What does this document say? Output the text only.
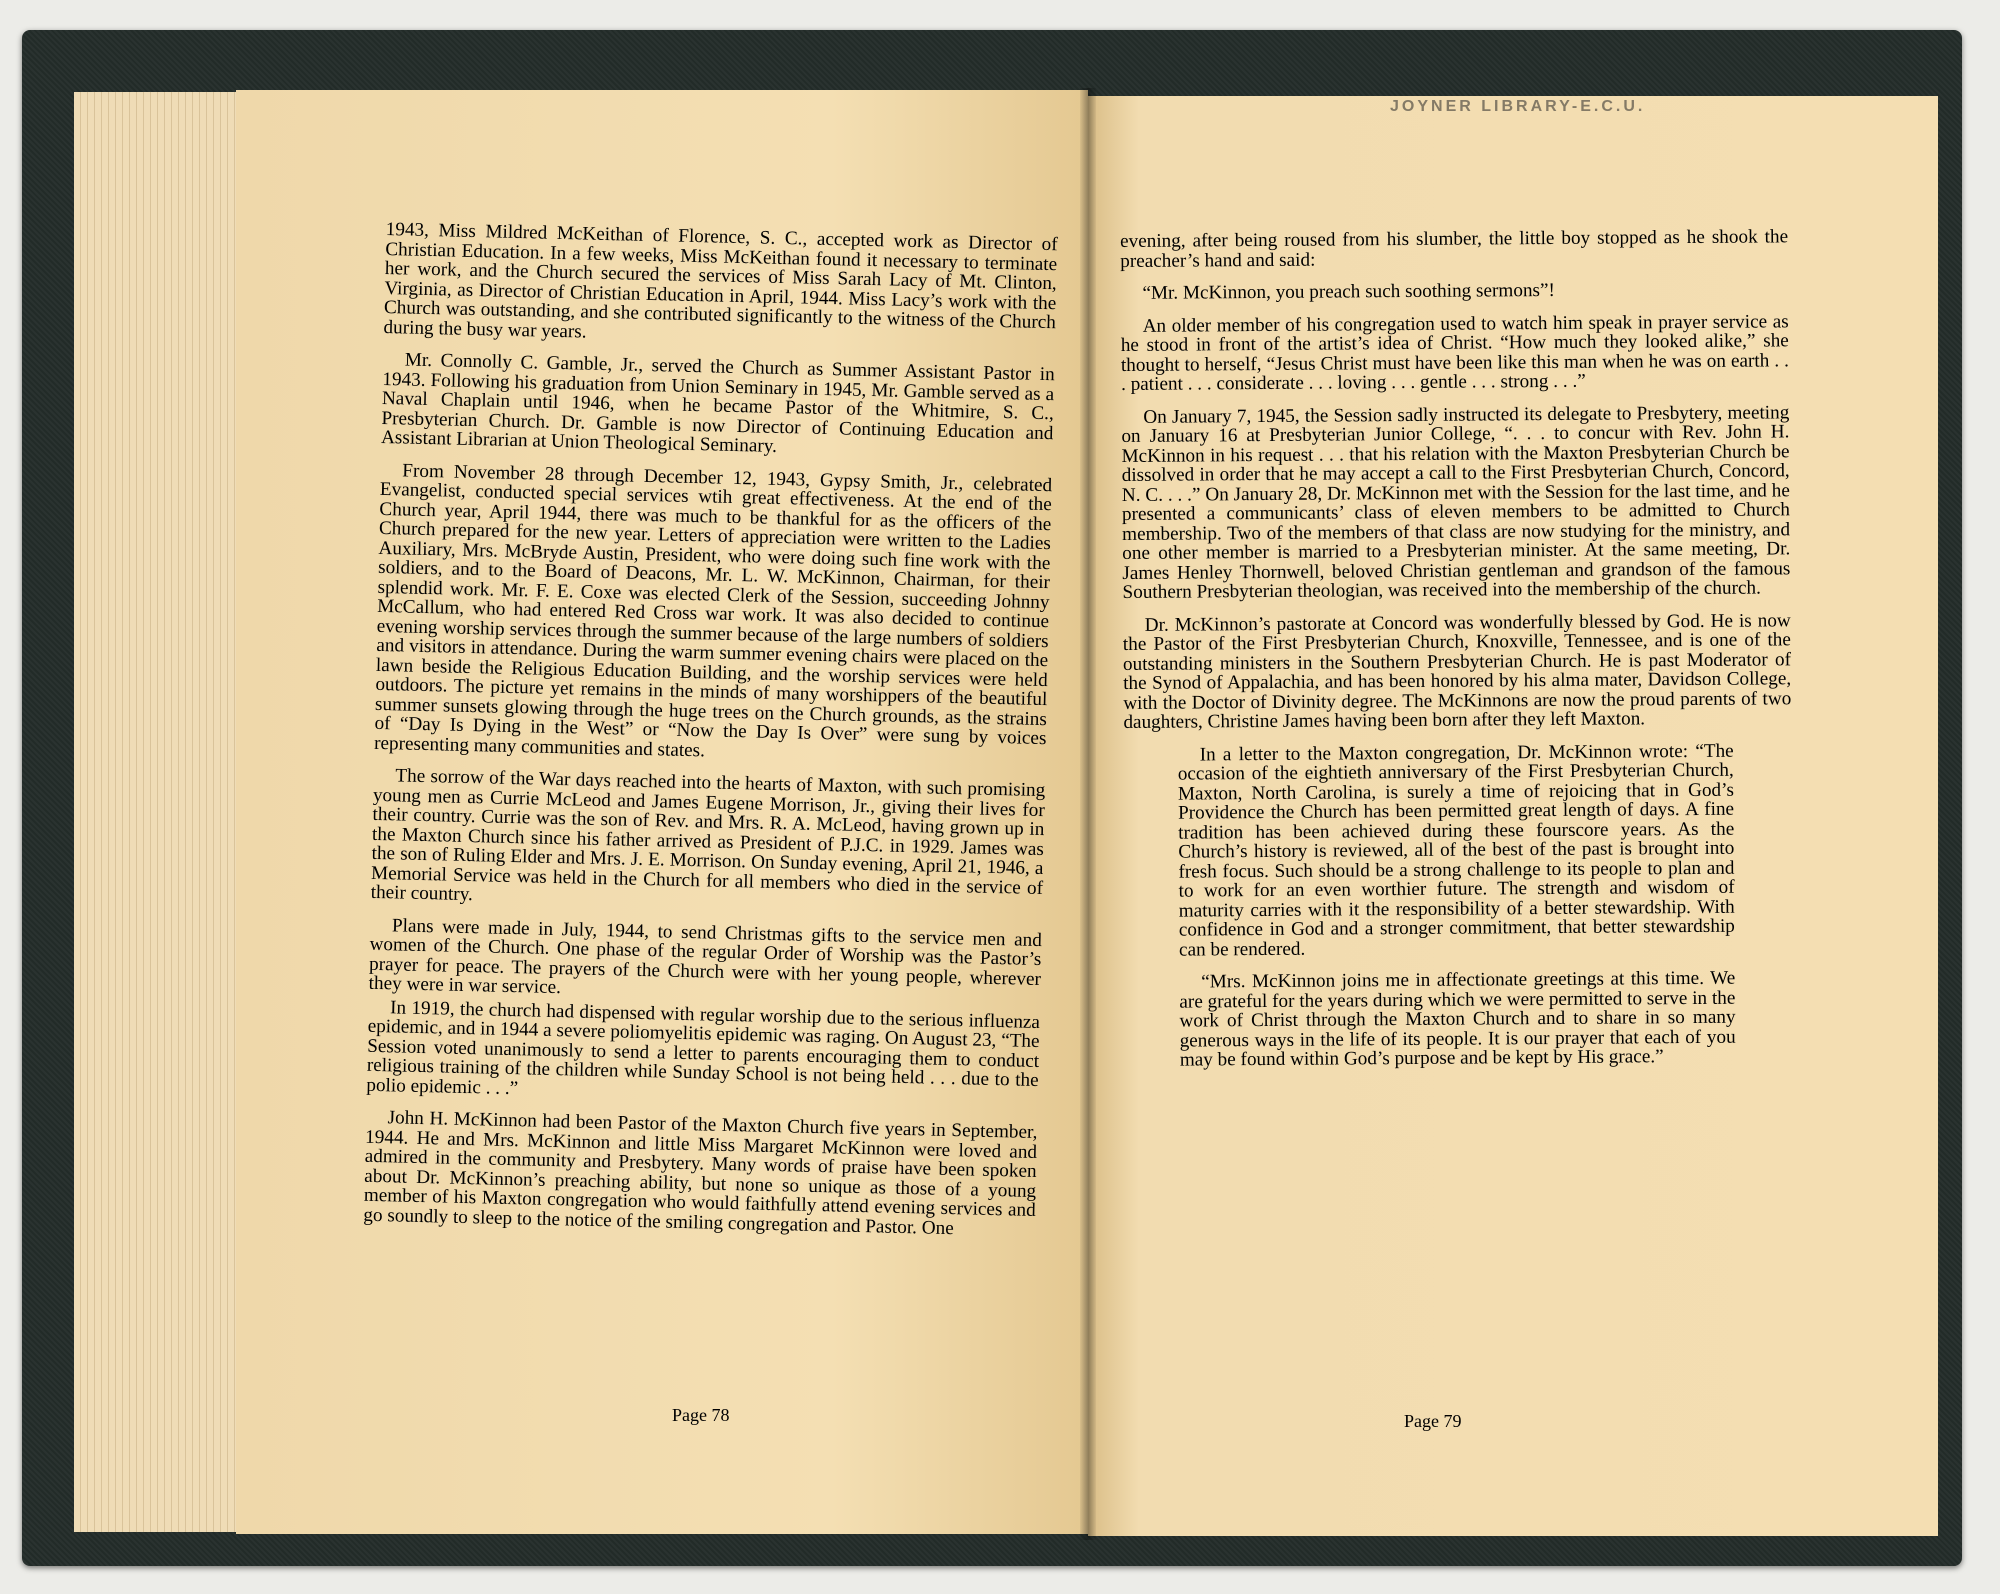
JOYNER LIBRARY-E.C.U.

1943, Miss Mildred McKeithan of Florence, S. C., accepted work as Director of Christian Education. In a few weeks, Miss McKeithan found it necessary to terminate her work, and the Church secured the services of Miss Sarah Lacy of Mt. Clinton, Virginia, as Director of Christian Education in April, 1944. Miss Lacy’s work with the Church was outstanding, and she contributed significantly to the witness of the Church during the busy war years.

Mr. Connolly C. Gamble, Jr., served the Church as Summer Assistant Pastor in 1943. Following his graduation from Union Seminary in 1945, Mr. Gamble served as a Naval Chaplain until 1946, when he became Pastor of the Whitmire, S. C., Presbyterian Church. Dr. Gamble is now Director of Continuing Education and Assistant Librarian at Union Theological Seminary.

From November 28 through December 12, 1943, Gypsy Smith, Jr., celebrated Evangelist, conducted special services wtih great effectiveness. At the end of the Church year, April 1944, there was much to be thankful for as the officers of the Church prepared for the new year. Letters of appreciation were written to the Ladies Auxiliary, Mrs. McBryde Austin, President, who were doing such fine work with the soldiers, and to the Board of Deacons, Mr. L. W. McKinnon, Chairman, for their splendid work. Mr. F. E. Coxe was elected Clerk of the Session, succeeding Johnny McCallum, who had entered Red Cross war work. It was also decided to continue evening worship services through the summer because of the large numbers of soldiers and visitors in attendance. During the warm summer evening chairs were placed on the lawn beside the Religious Education Building, and the worship services were held outdoors. The picture yet remains in the minds of many worshippers of the beautiful summer sunsets glowing through the huge trees on the Church grounds, as the strains of “Day Is Dying in the West” or “Now the Day Is Over” were sung by voices representing many communities and states.

The sorrow of the War days reached into the hearts of Maxton, with such promising young men as Currie McLeod and James Eugene Morrison, Jr., giving their lives for their country. Currie was the son of Rev. and Mrs. R. A. McLeod, having grown up in the Maxton Church since his father arrived as President of P.J.C. in 1929. James was the son of Ruling Elder and Mrs. J. E. Morrison. On Sunday evening, April 21, 1946, a Memorial Service was held in the Church for all members who died in the service of their country.

Plans were made in July, 1944, to send Christmas gifts to the service men and women of the Church. One phase of the regular Order of Worship was the Pastor’s prayer for peace. The prayers of the Church were with her young people, wherever they were in war service.

In 1919, the church had dispensed with regular worship due to the serious influenza epidemic, and in 1944 a severe poliomyelitis epidemic was raging. On August 23, “The Session voted unanimously to send a letter to parents encouraging them to conduct religious training of the children while Sunday School is not being held . . . due to the polio epidemic . . .”

John H. McKinnon had been Pastor of the Maxton Church five years in September, 1944. He and Mrs. McKinnon and little Miss Margaret McKinnon were loved and admired in the community and Presbytery. Many words of praise have been spoken about Dr. McKinnon’s preaching ability, but none so unique as those of a young member of his Maxton congregation who would faithfully attend evening services and go soundly to sleep to the notice of the smiling congregation and Pastor. One

Page 78

evening, after being roused from his slumber, the little boy stopped as he shook the preacher’s hand and said:

“Mr. McKinnon, you preach such soothing sermons”!

An older member of his congregation used to watch him speak in prayer service as he stood in front of the artist’s idea of Christ. “How much they looked alike,” she thought to herself, “Jesus Christ must have been like this man when he was on earth . . . patient . . . considerate . . . loving . . . gentle . . . strong . . .”

On January 7, 1945, the Session sadly instructed its delegate to Presbytery, meeting on January 16 at Presbyterian Junior College, “. . . to concur with Rev. John H. McKinnon in his request . . . that his relation with the Maxton Presbyterian Church be dissolved in order that he may accept a call to the First Presbyterian Church, Concord, N. C. . . .” On January 28, Dr. McKinnon met with the Session for the last time, and he presented a communicants’ class of eleven members to be admitted to Church membership. Two of the members of that class are now studying for the ministry, and one other member is married to a Presbyterian minister. At the same meeting, Dr. James Henley Thornwell, beloved Christian gentleman and grandson of the famous Southern Presbyterian theologian, was received into the membership of the church.

Dr. McKinnon’s pastorate at Concord was wonderfully blessed by God. He is now the Pastor of the First Presbyterian Church, Knoxville, Tennessee, and is one of the outstanding ministers in the Southern Presbyterian Church. He is past Moderator of the Synod of Appalachia, and has been honored by his alma mater, Davidson College, with the Doctor of Divinity degree. The McKinnons are now the proud parents of two daughters, Christine James having been born after they left Maxton.

In a letter to the Maxton congregation, Dr. McKinnon wrote: “The occasion of the eightieth anniversary of the First Presbyterian Church, Maxton, North Carolina, is surely a time of rejoicing that in God’s Providence the Church has been permitted great length of days. A fine tradition has been achieved during these fourscore years. As the Church’s history is reviewed, all of the best of the past is brought into fresh focus. Such should be a strong challenge to its people to plan and to work for an even worthier future. The strength and wisdom of maturity carries with it the responsibility of a better stewardship. With confidence in God and a stronger commitment, that better stewardship can be rendered.

“Mrs. McKinnon joins me in affectionate greetings at this time. We are grateful for the years during which we were permitted to serve in the work of Christ through the Maxton Church and to share in so many generous ways in the life of its people. It is our prayer that each of you may be found within God’s purpose and be kept by His grace.”

Page 79
